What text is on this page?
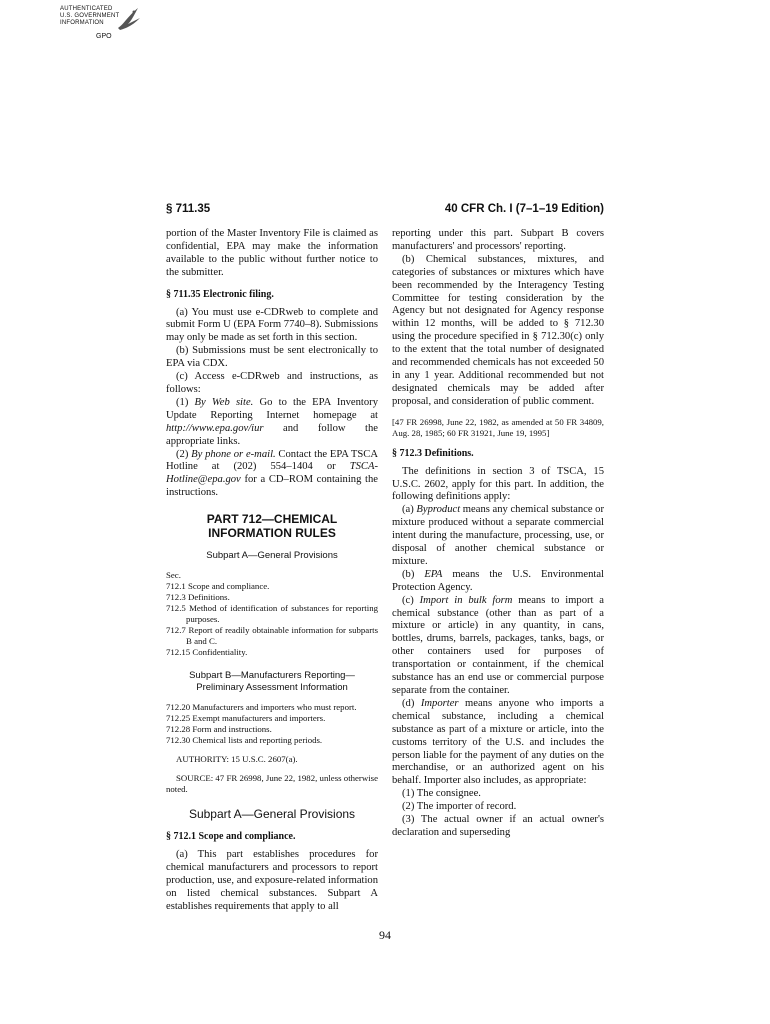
AUTHENTICATED
U.S. GOVERNMENT
INFORMATION
GPO
§ 711.35	40 CFR Ch. I (7–1–19 Edition)

portion of the Master Inventory File is claimed as confidential, EPA may make the information available to the public without further notice to the submitter.

§ 711.35 Electronic filing.

(a) You must use e-CDRweb to complete and submit Form U (EPA Form 7740–8). Submissions may only be made as set forth in this section.

(b) Submissions must be sent electronically to EPA via CDX.

(c) Access e-CDRweb and instructions, as follows:

(1) By Web site. Go to the EPA Inventory Update Reporting Internet homepage at http://www.epa.gov/iur and follow the appropriate links.

(2) By phone or e-mail. Contact the EPA TSCA Hotline at (202) 554–1404 or TSCA-Hotline@epa.gov for a CD–ROM containing the instructions.

PART 712—CHEMICAL
INFORMATION RULES
Subpart A—General Provisions
Sec.
712.1 Scope and compliance.
712.3 Definitions.
712.5 Method of identification of substances for reporting purposes.
712.7 Report of readily obtainable information for subparts B and C.
712.15 Confidentiality.
Subpart B—Manufacturers Reporting—
Preliminary Assessment Information
712.20 Manufacturers and importers who must report.
712.25 Exempt manufacturers and importers.
712.28 Form and instructions.
712.30 Chemical lists and reporting periods.

AUTHORITY: 15 U.S.C. 2607(a).

SOURCE: 47 FR 26998, June 22, 1982, unless otherwise noted.

Subpart A—General Provisions
§ 712.1 Scope and compliance.

(a) This part establishes procedures for chemical manufacturers and processors to report production, use, and exposure-related information on listed chemical substances. Subpart A establishes requirements that apply to all

reporting under this part. Subpart B covers manufacturers' and processors' reporting.

(b) Chemical substances, mixtures, and categories of substances or mixtures which have been recommended by the Interagency Testing Committee for testing consideration by the Agency but not designated for Agency response within 12 months, will be added to § 712.30 using the procedure specified in § 712.30(c) only to the extent that the total number of designated and recommended chemicals has not exceeded 50 in any 1 year. Additional recommended but not designated chemicals may be added after proposal, and consideration of public comment.

[47 FR 26998, June 22, 1982, as amended at 50 FR 34809, Aug. 28, 1985; 60 FR 31921, June 19, 1995]
§ 712.3 Definitions.

The definitions in section 3 of TSCA, 15 U.S.C. 2602, apply for this part. In addition, the following definitions apply:

(a) Byproduct means any chemical substance or mixture produced without a separate commercial intent during the manufacture, processing, use, or disposal of another chemical substance or mixture.

(b) EPA means the U.S. Environmental Protection Agency.

(c) Import in bulk form means to import a chemical substance (other than as part of a mixture or article) in any quantity, in cans, bottles, drums, barrels, packages, tanks, bags, or other containers used for purposes of transportation or containment, if the chemical substance has an end use or commercial purpose separate from the container.

(d) Importer means anyone who imports a chemical substance, including a chemical substance as part of a mixture or article, into the customs territory of the U.S. and includes the person liable for the payment of any duties on the merchandise, or an authorized agent on his behalf. Importer also includes, as appropriate:

(1) The consignee.

(2) The importer of record.

(3) The actual owner if an actual owner's declaration and superseding

94
